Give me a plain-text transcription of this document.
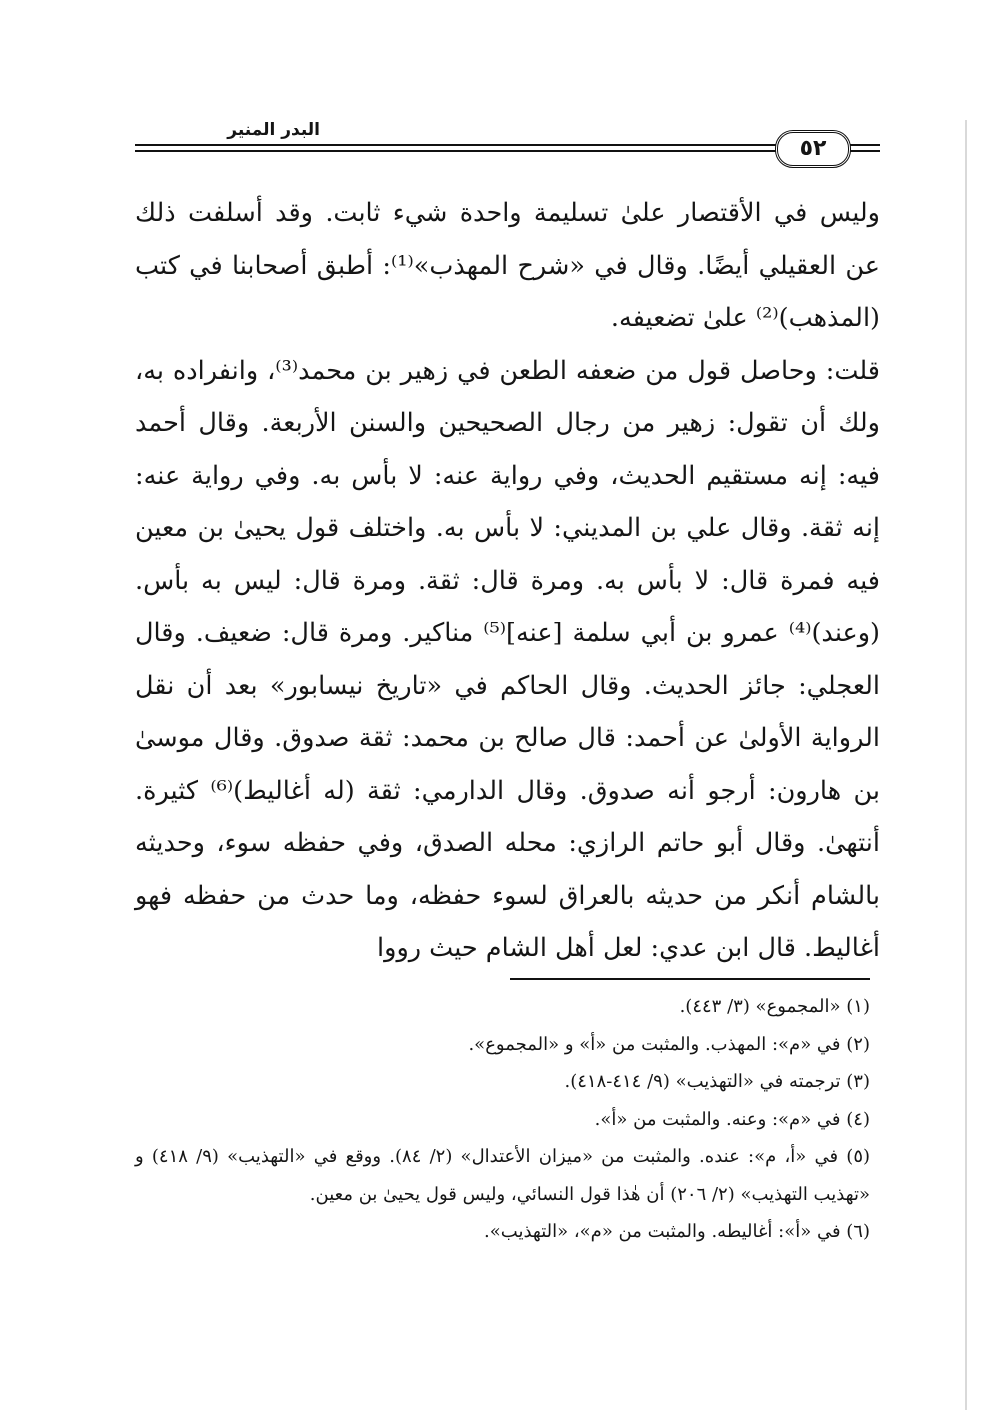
البدر المنير
٥٢

وليس في الأقتصار علىٰ تسليمة واحدة شيء ثابت. وقد أسلفت ذلك عن العقيلي أيضًا. وقال في «شرح المهذب»⁽¹⁾: أطبق أصحابنا في كتب (المذهب)⁽²⁾ علىٰ تضعيفه.
قلت: وحاصل قول من ضعفه الطعن في زهير بن محمد⁽³⁾، وانفراده به، ولك أن تقول: زهير من رجال الصحيحين والسنن الأربعة. وقال أحمد فيه: إنه مستقيم الحديث، وفي رواية عنه: لا بأس به. وفي رواية عنه: إنه ثقة. وقال علي بن المديني: لا بأس به. واختلف قول يحيىٰ بن معين فيه فمرة قال: لا بأس به. ومرة قال: ثقة. ومرة قال: ليس به بأس. (وعند)⁽⁴⁾ عمرو بن أبي سلمة [عنه]⁽⁵⁾ مناكير. ومرة قال: ضعيف. وقال العجلي: جائز الحديث. وقال الحاكم في «تاريخ نيسابور» بعد أن نقل الرواية الأولىٰ عن أحمد: قال صالح بن محمد: ثقة صدوق. وقال موسىٰ بن هارون: أرجو أنه صدوق. وقال الدارمي: ثقة (له أغاليط)⁽⁶⁾ كثيرة. أنتهىٰ. وقال أبو حاتم الرازي: محله الصدق، وفي حفظه سوء، وحديثه بالشام أنكر من حديثه بالعراق لسوء حفظه، وما حدث من حفظه فهو أغاليط. قال ابن عدي: لعل أهل الشام حيث رووا

(١) «المجموع» (٣/ ٤٤٣).

(٢) في «م»: المهذب. والمثبت من «أ» و «المجموع».

(٣) ترجمته في «التهذيب» (٩/ ٤١٤-٤١٨).

(٤) في «م»: وعنه. والمثبت من «أ».

(٥) في «أ، م»: عنده. والمثبت من «ميزان الأعتدال» (٢/ ٨٤). ووقع في «التهذيب» (٩/ ٤١٨) و «تهذيب التهذيب» (٢/ ٢٠٦) أن هٰذا قول النسائي، وليس قول يحيىٰ بن معين.

(٦) في «أ»: أغاليطه. والمثبت من «م»، «التهذيب».
